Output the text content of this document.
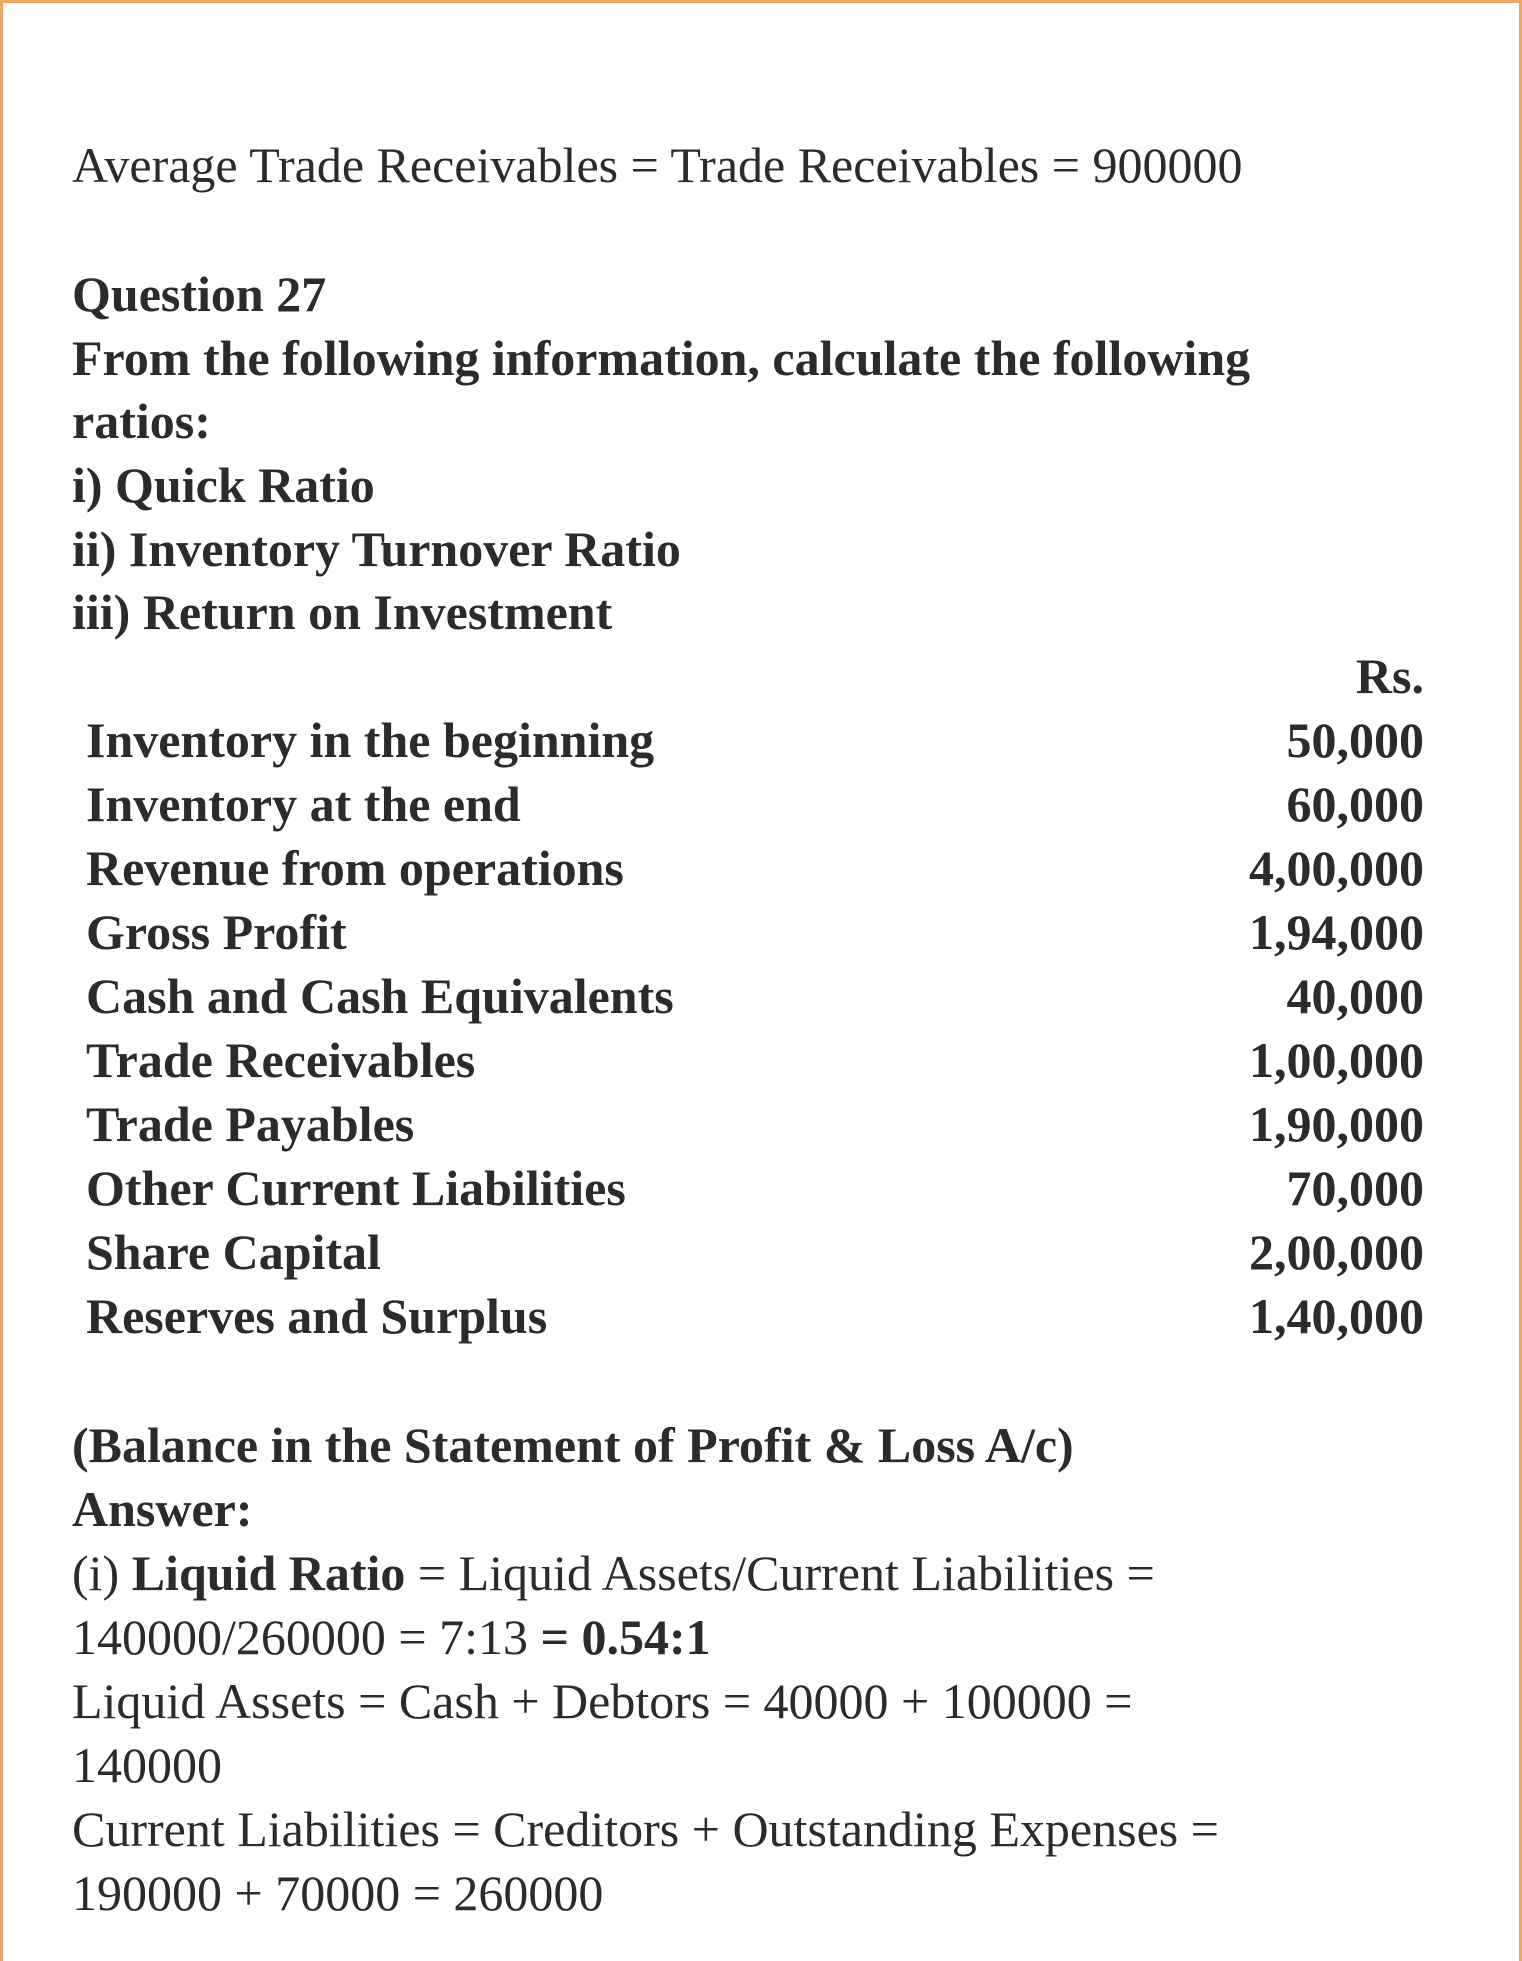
Average Trade Receivables = Trade Receivables = 900000
Question 27
From the following information, calculate the following
ratios:
i) Quick Ratio
ii) Inventory Turnover Ratio
iii) Return on Investment
Rs.
Inventory in the beginning	50,000
Inventory at the end	60,000
Revenue from operations	4,00,000
Gross Profit	1,94,000
Cash and Cash Equivalents	40,000
Trade Receivables	1,00,000
Trade Payables	1,90,000
Other Current Liabilities	70,000
Share Capital	2,00,000
Reserves and Surplus	1,40,000
(Balance in the Statement of Profit & Loss A/c)
Answer:
(i) Liquid Ratio = Liquid Assets/Current Liabilities =
140000/260000 = 7:13 = 0.54:1
Liquid Assets = Cash + Debtors = 40000 + 100000 =
140000
Current Liabilities = Creditors + Outstanding Expenses =
190000 + 70000 = 260000
